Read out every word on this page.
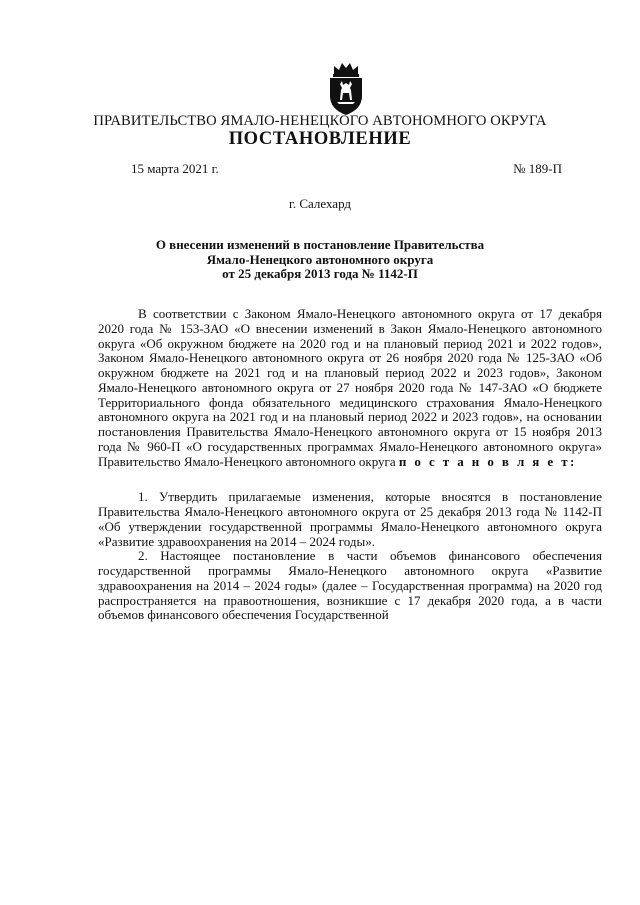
ПРАВИТЕЛЬСТВО ЯМАЛО-НЕНЕЦКОГО АВТОНОМНОГО ОКРУГА
ПОСТАНОВЛЕНИЕ
15 марта 2021 г.	№ 189-П
г. Салехард
О внесении изменений в постановление Правительства
Ямало-Ненецкого автономного округа
от 25 декабря 2013 года № 1142-П

В соответствии с Законом Ямало-Ненецкого автономного округа от 17 декабря 2020 года № 153-ЗАО «О внесении изменений в Закон Ямало-Ненецкого автономного округа «Об окружном бюджете на 2020 год и на плановый период 2021 и 2022 годов», Законом Ямало-Ненецкого автономного округа от 26 ноября 2020 года № 125-ЗАО «Об окружном бюджете на 2021 год и на плановый период 2022 и 2023 годов», Законом Ямало-Ненецкого автономного округа от 27 ноября 2020 года № 147-ЗАО «О бюджете Территориального фонда обязательного медицинского страхования Ямало-Ненецкого автономного округа на 2021 год и на плановый период 2022 и 2023 годов», на основании постановления Правительства Ямало-Ненецкого автономного округа от 15 ноября 2013 года № 960-П «О государственных программах Ямало-Ненецкого автономного округа» Правительство Ямало-Ненецкого автономного округа п о с т а н о в л я е т:

1. Утвердить прилагаемые изменения, которые вносятся в постановление Правительства Ямало-Ненецкого автономного округа от 25 декабря 2013 года № 1142-П «Об утверждении государственной программы Ямало-Ненецкого автономного округа «Развитие здравоохранения на 2014 – 2024 годы».

2. Настоящее постановление в части объемов финансового обеспечения государственной программы Ямало-Ненецкого автономного округа «Развитие здравоохранения на 2014 – 2024 годы» (далее – Государственная программа) на 2020 год распространяется на правоотношения, возникшие с 17 декабря 2020 года, а в части объемов финансового обеспечения Государственной
